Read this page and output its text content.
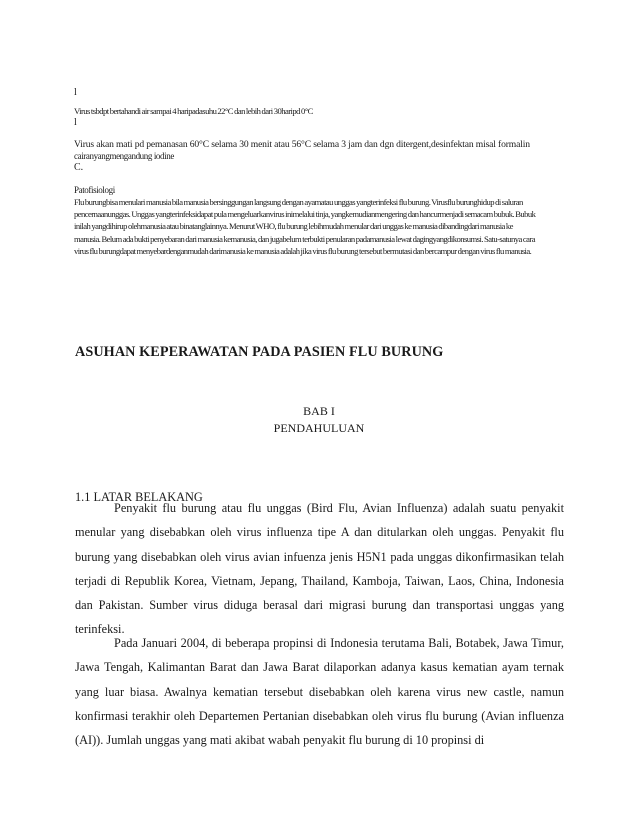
l

Virus tsbdpt bertahandi air sampai 4 haripadasuhu 22°C dan lebih dari 30haripd 0°C

l

Virus akan mati pd pemanasan 60°C selama 30 menit atau 56°C selama 3 jam dan dgn ditergent,desinfektan misal formalin

cairanyangmengandung iodine

C.

Patofisiologi

Flu burungbisa menulari manusia bila manusia bersinggungan langsung dengan ayamatau unggas yangterinfeksi flu burung. Virusflu burunghidup di saluran
pencernaanunggas. Unggas yangterinfeksidapat pula mengeluarkanvirus inimelalui tinja, yangkemudianmengering dan hancurmenjadi semacam bubuk. Bubuk
inilah yangdihirup olehmanusia atau binatanglainnya. Menurut WHO, flu burung lebihmudah menular dari unggas ke manusia dibandingdari manusia ke
manusia. Belum ada bukti penyebaran dari manusia kemanusia, dan jugabelum terbukti penularan padamanusia lewat dagingyangdikonsumsi. Satu-satunya cara
virus flu burungdapat menyebardenganmudah darimanusia ke manusia adalah jika virus flu burung tersebut bermutasi dan bercampur dengan virus flu manusia.
ASUHAN KEPERAWATAN PADA PASIEN FLU BURUNG

BAB I

PENDAHULUAN

1.1 LATAR BELAKANG

Penyakit flu burung atau flu unggas (Bird Flu, Avian Influenza) adalah suatu penyakit menular yang disebabkan oleh virus influenza tipe A dan ditularkan oleh unggas. Penyakit flu burung yang disebabkan oleh virus avian infuenza jenis H5N1 pada unggas dikonfirmasikan telah terjadi di Republik Korea, Vietnam, Jepang, Thailand, Kamboja, Taiwan, Laos, China, Indonesia dan Pakistan. Sumber virus diduga berasal dari migrasi burung dan transportasi unggas yang terinfeksi.

Pada Januari 2004, di beberapa propinsi di Indonesia terutama Bali, Botabek, Jawa Timur, Jawa Tengah, Kalimantan Barat dan Jawa Barat dilaporkan adanya kasus kematian ayam ternak yang luar biasa. Awalnya kematian tersebut disebabkan oleh karena virus new castle, namun konfirmasi terakhir oleh Departemen Pertanian disebabkan oleh virus flu burung (Avian influenza (AI)). Jumlah unggas yang mati akibat wabah penyakit flu burung di 10 propinsi di
